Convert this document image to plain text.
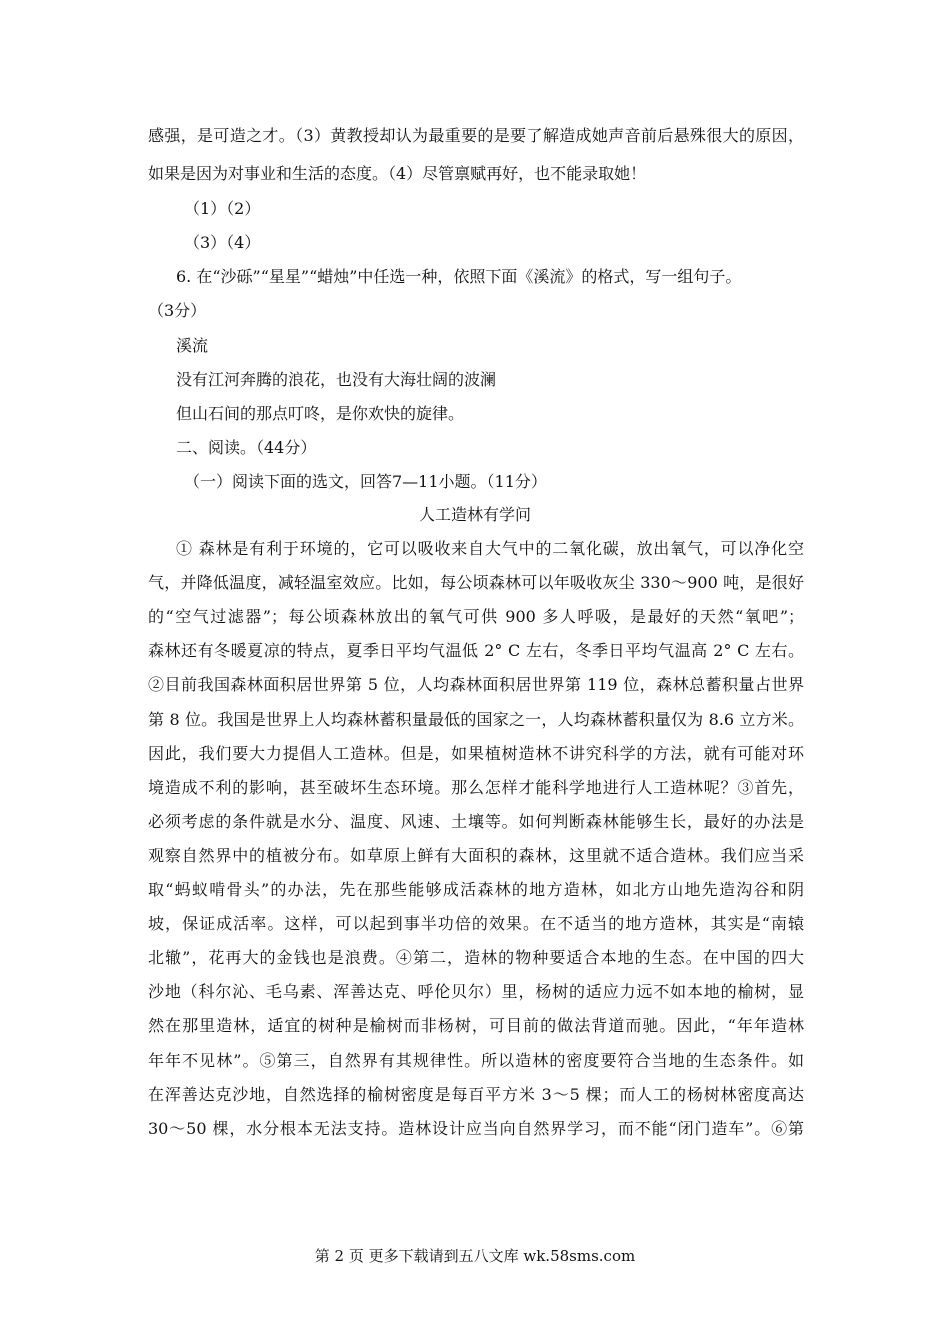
感强，是可造之才。（3）黄教授却认为最重要的是要了解造成她声音前后悬殊很大的原因，

如果是因为对事业和生活的态度。（4）尽管禀赋再好，也不能录取她！

（1）（2）

（3）（4）

6. 在“沙砾”“星星”“蜡烛”中任选一种，依照下面《溪流》的格式，写一组句子。

（3分）

溪流

没有江河奔腾的浪花，也没有大海壮阔的波澜

但山石间的那点叮咚，是你欢快的旋律。

二、阅读。（44分）

（一）阅读下面的选文，回答7—11小题。（11分）

人工造林有学问

① 森林是有利于环境的，它可以吸收来自大气中的二氧化碳，放出氧气，可以净化空

气，并降低温度，减轻温室效应。比如，每公顷森林可以年吸收灰尘 330～900 吨，是很好

的“空气过滤器”；每公顷森林放出的氧气可供 900 多人呼吸，是最好的天然“氧吧”；

森林还有冬暖夏凉的特点，夏季日平均气温低 2° C 左右，冬季日平均气温高 2° C 左右。

②目前我国森林面积居世界第 5 位，人均森林面积居世界第 119 位，森林总蓄积量占世界

第 8 位。我国是世界上人均森林蓄积量最低的国家之一，人均森林蓄积量仅为 8.6 立方米。

因此，我们要大力提倡人工造林。但是，如果植树造林不讲究科学的方法，就有可能对环

境造成不利的影响，甚至破坏生态环境。那么怎样才能科学地进行人工造林呢？③首先，

必须考虑的条件就是水分、温度、风速、土壤等。如何判断森林能够生长，最好的办法是

观察自然界中的植被分布。如草原上鲜有大面积的森林，这里就不适合造林。我们应当采

取“蚂蚁啃骨头”的办法，先在那些能够成活森林的地方造林，如北方山地先造沟谷和阴

坡，保证成活率。这样，可以起到事半功倍的效果。在不适当的地方造林，其实是“南辕

北辙”，花再大的金钱也是浪费。④第二，造林的物种要适合本地的生态。在中国的四大

沙地（科尔沁、毛乌素、浑善达克、呼伦贝尔）里，杨树的适应力远不如本地的榆树，显

然在那里造林，适宜的树种是榆树而非杨树，可目前的做法背道而驰。因此，“年年造林

年年不见林”。⑤第三，自然界有其规律性。所以造林的密度要符合当地的生态条件。如

在浑善达克沙地，自然选择的榆树密度是每百平方米 3～5 棵；而人工的杨树林密度高达

30～50 棵，水分根本无法支持。造林设计应当向自然界学习，而不能“闭门造车”。⑥第

第 2 页 更多下载请到五八文库 wk.58sms.com
